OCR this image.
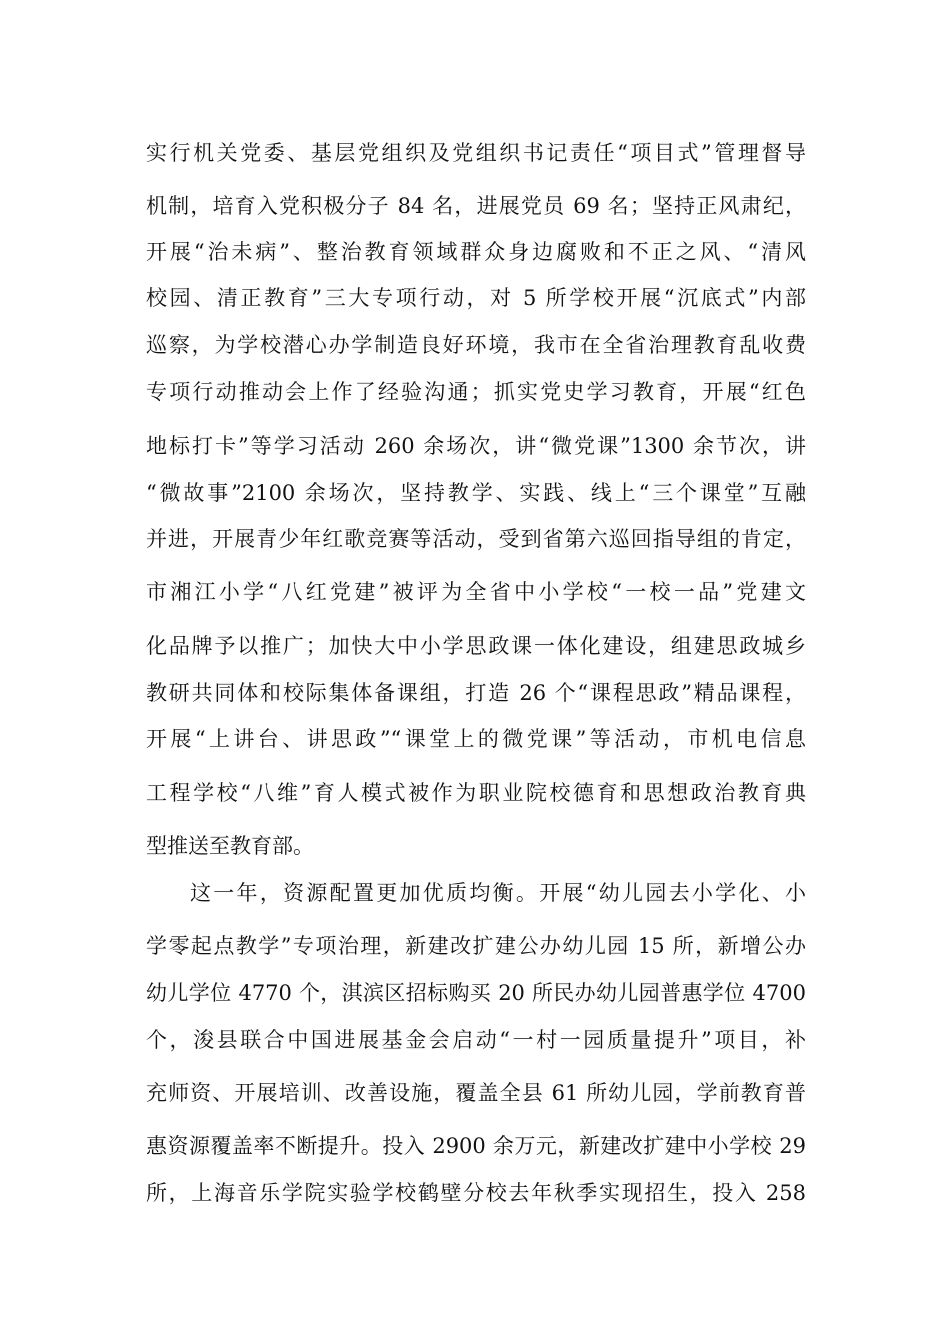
实行机关党委、基层党组织及党组织书记责任“项目式”管理督导
机制，培育入党积极分子 84 名，进展党员 69 名；坚持正风肃纪，
开展“治未病”、整治教育领域群众身边腐败和不正之风、“清风
校园、清正教育”三大专项行动，对 5 所学校开展“沉底式”内部
巡察，为学校潜心办学制造良好环境，我市在全省治理教育乱收费
专项行动推动会上作了经验沟通；抓实党史学习教育，开展“红色
地标打卡”等学习活动 260 余场次，讲“微党课”1300 余节次，讲
“微故事”2100 余场次，坚持教学、实践、线上“三个课堂”互融
并进，开展青少年红歌竞赛等活动，受到省第六巡回指导组的肯定，
市湘江小学“八红党建”被评为全省中小学校“一校一品”党建文
化品牌予以推广；加快大中小学思政课一体化建设，组建思政城乡
教研共同体和校际集体备课组，打造 26 个“课程思政”精品课程，
开展“上讲台、讲思政”“课堂上的微党课”等活动，市机电信息
工程学校“八维”育人模式被作为职业院校德育和思想政治教育典
型推送至教育部。
这一年，资源配置更加优质均衡。开展“幼儿园去小学化、小
学零起点教学”专项治理，新建改扩建公办幼儿园 15 所，新增公办
幼儿学位 4770 个，淇滨区招标购买 20 所民办幼儿园普惠学位 4700
个，浚县联合中国进展基金会启动“一村一园质量提升”项目，补
充师资、开展培训、改善设施，覆盖全县 61 所幼儿园，学前教育普
惠资源覆盖率不断提升。投入 2900 余万元，新建改扩建中小学校 29
所，上海音乐学院实验学校鹤壁分校去年秋季实现招生，投入 258
